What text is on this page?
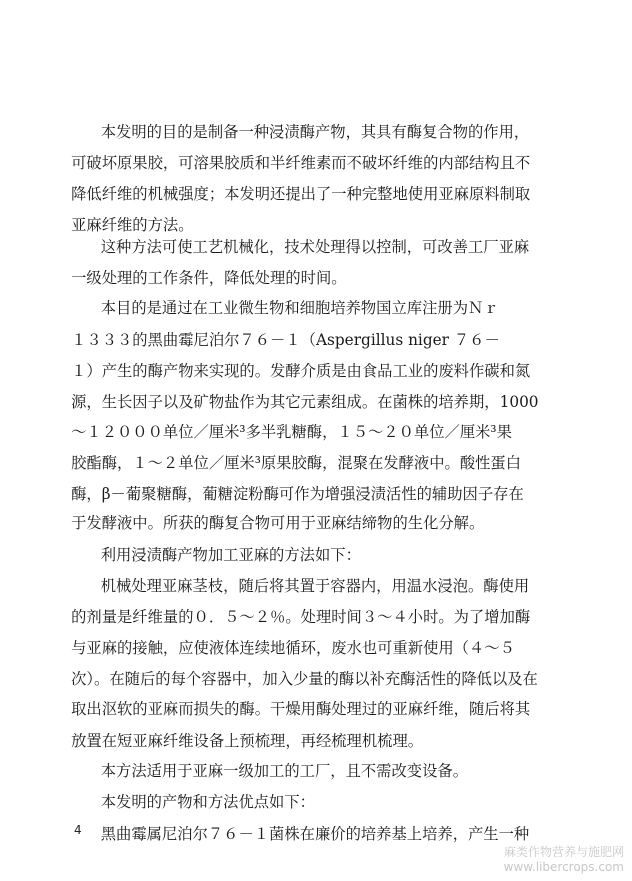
本发明的目的是制备一种浸渍酶产物，其具有酶复合物的作用，
可破坏原果胶，可溶果胶质和半纤维素而不破坏纤维的内部结构且不
降低纤维的机械强度；本发明还提出了一种完整地使用亚麻原料制取
亚麻纤维的方法。
这种方法可使工艺机械化，技术处理得以控制，可改善工厂亚麻
一级处理的工作条件，降低处理的时间。
本目的是通过在工业微生物和细胞培养物国立库注册为Ｎｒ
１３３３的黑曲霉尼泊尔７６－１（Aspergillus niger ７６－
１）产生的酶产物来实现的。发酵介质是由食品工业的废料作碳和氮
源，生长因子以及矿物盐作为其它元素组成。在菌株的培养期，1000
～１２０００单位／厘米³多半乳糖酶，１５～２０单位／厘米³果
胶酯酶，１～２单位／厘米³原果胶酶，混聚在发酵液中。酸性蛋白
酶，β－葡聚糖酶，葡糖淀粉酶可作为增强浸渍活性的辅助因子存在
于发酵液中。所获的酶复合物可用于亚麻结缔物的生化分解。
利用浸渍酶产物加工亚麻的方法如下：
机械处理亚麻茎枝，随后将其置于容器内，用温水浸泡。酶使用
的剂量是纤维量的０．５～２％。处理时间３～４小时。为了增加酶
与亚麻的接触，应使液体连续地循环，废水也可重新使用（４～５
次）。在随后的每个容器中，加入少量的酶以补充酶活性的降低以及在
取出沤软的亚麻而损失的酶。干燥用酶处理过的亚麻纤维，随后将其
放置在短亚麻纤维设备上预梳理，再经梳理机梳理。
本方法适用于亚麻一级加工的工厂，且不需改变设备。
本发明的产物和方法优点如下：
黑曲霉属尼泊尔７６－１菌株在廉价的培养基上培养，产生一种
4
麻类作物营养与施肥网
www.libercrops.com
